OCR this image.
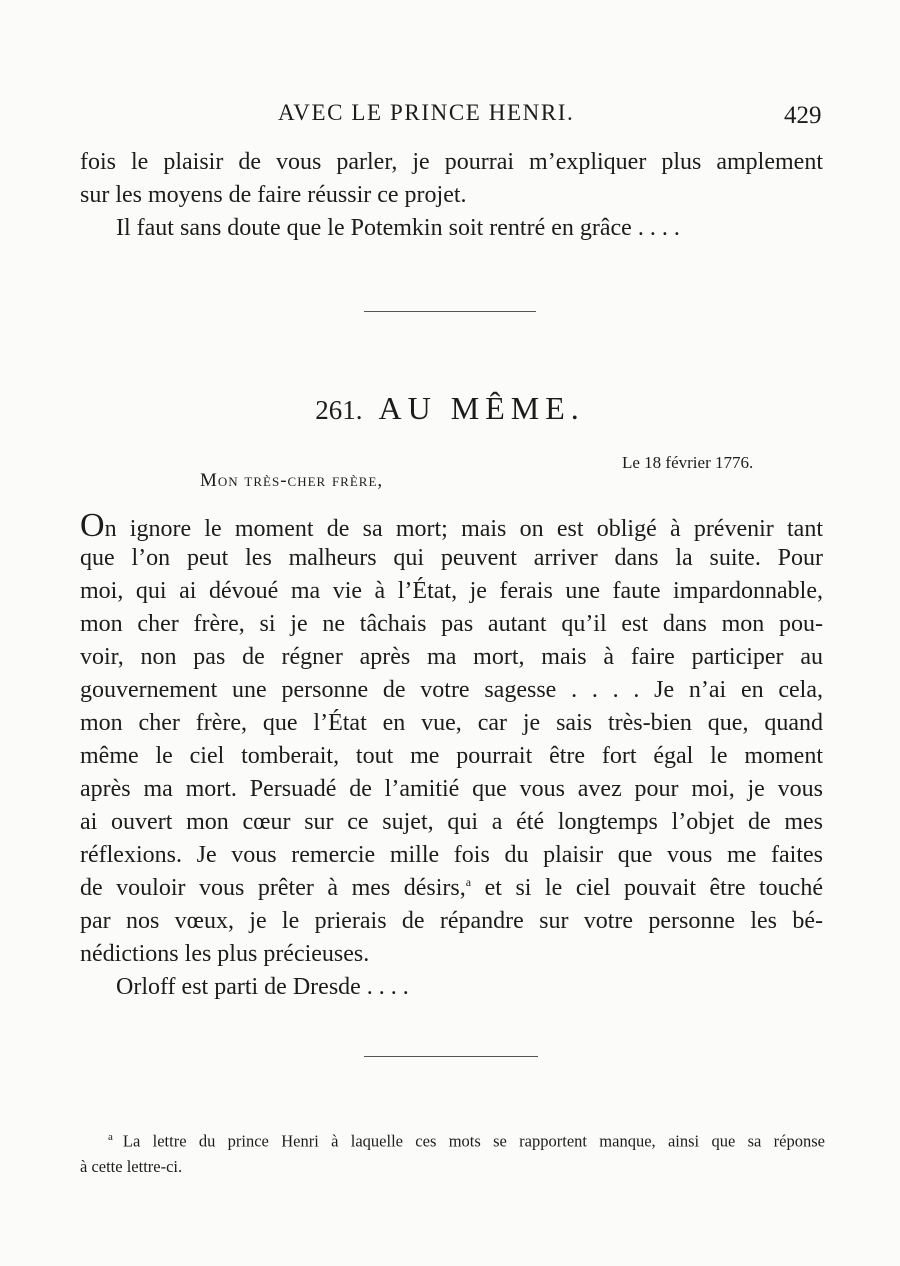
AVEC LE PRINCE HENRI.	429
fois le plaisir de vous parler, je pourrai m’expliquer plus amplement
sur les moyens de faire réussir ce projet.
Il faut sans doute que le Potemkin soit rentré en grâce . . . .
261. AU MÊME.
Le 18 février 1776.
Mon très-cher frère,
On ignore le moment de sa mort; mais on est obligé à prévenir tant
que l’on peut les malheurs qui peuvent arriver dans la suite. Pour
moi, qui ai dévoué ma vie à l’État, je ferais une faute impardonnable,
mon cher frère, si je ne tâchais pas autant qu’il est dans mon pou-
voir, non pas de régner après ma mort, mais à faire participer au
gouvernement une personne de votre sagesse . . . . Je n’ai en cela,
mon cher frère, que l’État en vue, car je sais très-bien que, quand
même le ciel tomberait, tout me pourrait être fort égal le moment
après ma mort. Persuadé de l’amitié que vous avez pour moi, je vous
ai ouvert mon cœur sur ce sujet, qui a été longtemps l’objet de mes
réflexions. Je vous remercie mille fois du plaisir que vous me faites
de vouloir vous prêter à mes désirs,$^a$ et si le ciel pouvait être touché
par nos vœux, je le prierais de répandre sur votre personne les bé-
nédictions les plus précieuses.
Orloff est parti de Dresde . . . .
$^a$ La lettre du prince Henri à laquelle ces mots se rapportent manque, ainsi que sa réponse
à cette lettre-ci.
